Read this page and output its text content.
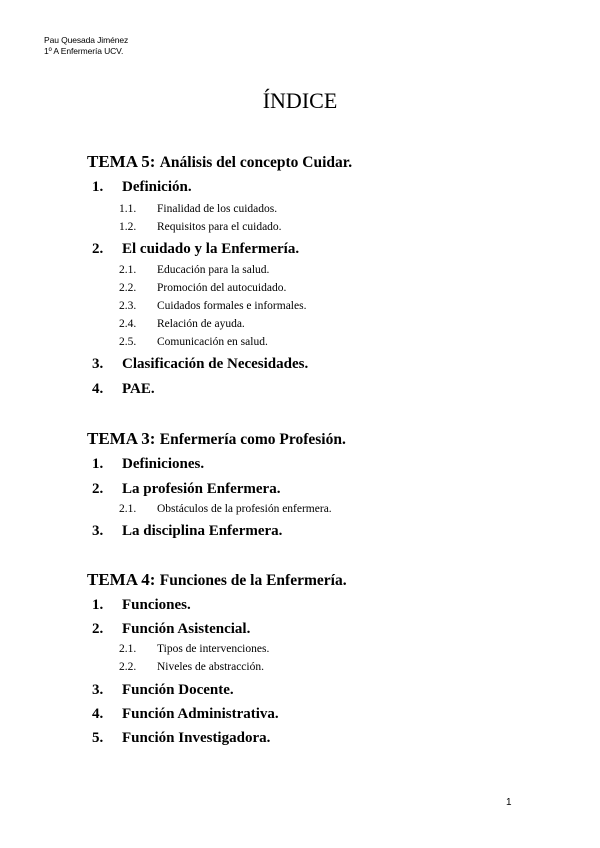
Pau Quesada Jiménez
1º A Enfermería UCV.
ÍNDICE
TEMA 5: Análisis del concepto Cuidar.
1. Definición.
1.1. Finalidad de los cuidados.
1.2. Requisitos para el cuidado.
2. El cuidado y la Enfermería.
2.1. Educación para la salud.
2.2. Promoción del autocuidado.
2.3. Cuidados formales e informales.
2.4. Relación de ayuda.
2.5. Comunicación en salud.
3. Clasificación de Necesidades.
4. PAE.
TEMA 3: Enfermería como Profesión.
1. Definiciones.
2. La profesión Enfermera.
2.1. Obstáculos de la profesión enfermera.
3. La disciplina Enfermera.
TEMA 4: Funciones de la Enfermería.
1. Funciones.
2. Función Asistencial.
2.1. Tipos de intervenciones.
2.2. Niveles de abstracción.
3. Función Docente.
4. Función Administrativa.
5. Función Investigadora.
1
